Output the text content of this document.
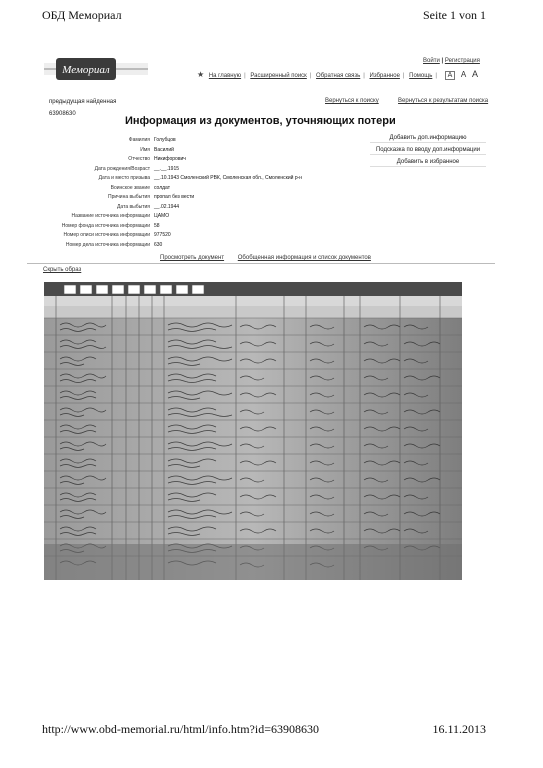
ОБД Мемориал	Seite 1 von 1
Мемориал
Войти | Регистрация
★ На главную | Расширенный поиск | Обратная связь | Избранное | Помощь | A A A
предыдущая найденная
63908630
Вернуться к поиску	Вернуться к результатам поиска
Информация из документов, уточняющих потери
Фамилия Голубцов
Имя Василий
Отчество Никифорович
Дата рождения/Возраст __.__.1915
Дата и место призыва __.10.1943 Смоленский РВК, Смоленская обл., Смоленский р-н
Воинское звание солдат
Причина выбытия пропал без вести
Дата выбытия __.02.1944
Название источника информации ЦАМО
Номер фонда источника информации 58
Номер описи источника информации 977520
Номер дела источника информации 630
Добавить доп.информацию
Подсказка по вводу доп.информации
Добавить в избранное
Просмотреть документ Обобщенная информация и список документов
Скрыть образ
http://www.obd-memorial.ru/html/info.htm?id=63908630	16.11.2013
